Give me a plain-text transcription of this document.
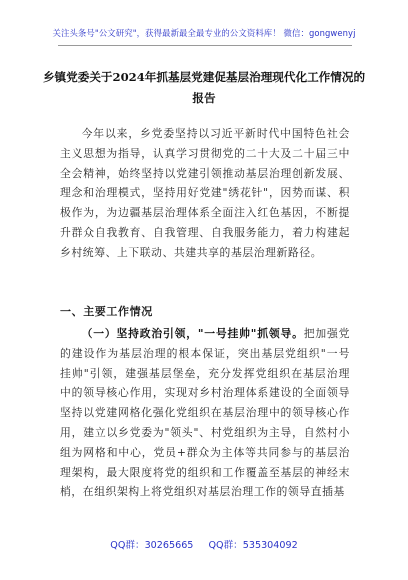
关注头条号"公文研究"，获得最新最全最专业的公文资料库！ 微信：gongwenyj
乡镇党委关于2024年抓基层党建促基层治理现代化工作情况的报告
今年以来，乡党委坚持以习近平新时代中国特色社会主义思想为指导，认真学习贯彻党的二十大及二十届三中全会精神，始终坚持以党建引领推动基层治理创新发展、理念和治理模式，坚持用好党建"绣花针"，因势而谋、积极作为，为边疆基层治理体系全面注入红色基因，不断提升群众自我教育、自我管理、自我服务能力，着力构建起乡村统筹、上下联动、共建共享的基层治理新路径。
一、主要工作情况
（一）坚持政治引领，"一号挂帅"抓领导。把加强党的建设作为基层治理的根本保证，突出基层党组织"一号挂帅"引领，建强基层堡垒，充分发挥党组织在基层治理中的领导核心作用，实现对乡村治理体系建设的全面领导坚持以党建网格化强化党组织在基层治理中的领导核心作用，建立以乡党委为"领头"、村党组织为主导，自然村小组为网格和中心，党员+群众为主体等共同参与的基层治理架构，最大限度将党的组织和工作覆盖至基层的神经末梢，在组织架构上将党组织对基层治理工作的领导直插基
QQ群：30265665 QQ群：535304092
